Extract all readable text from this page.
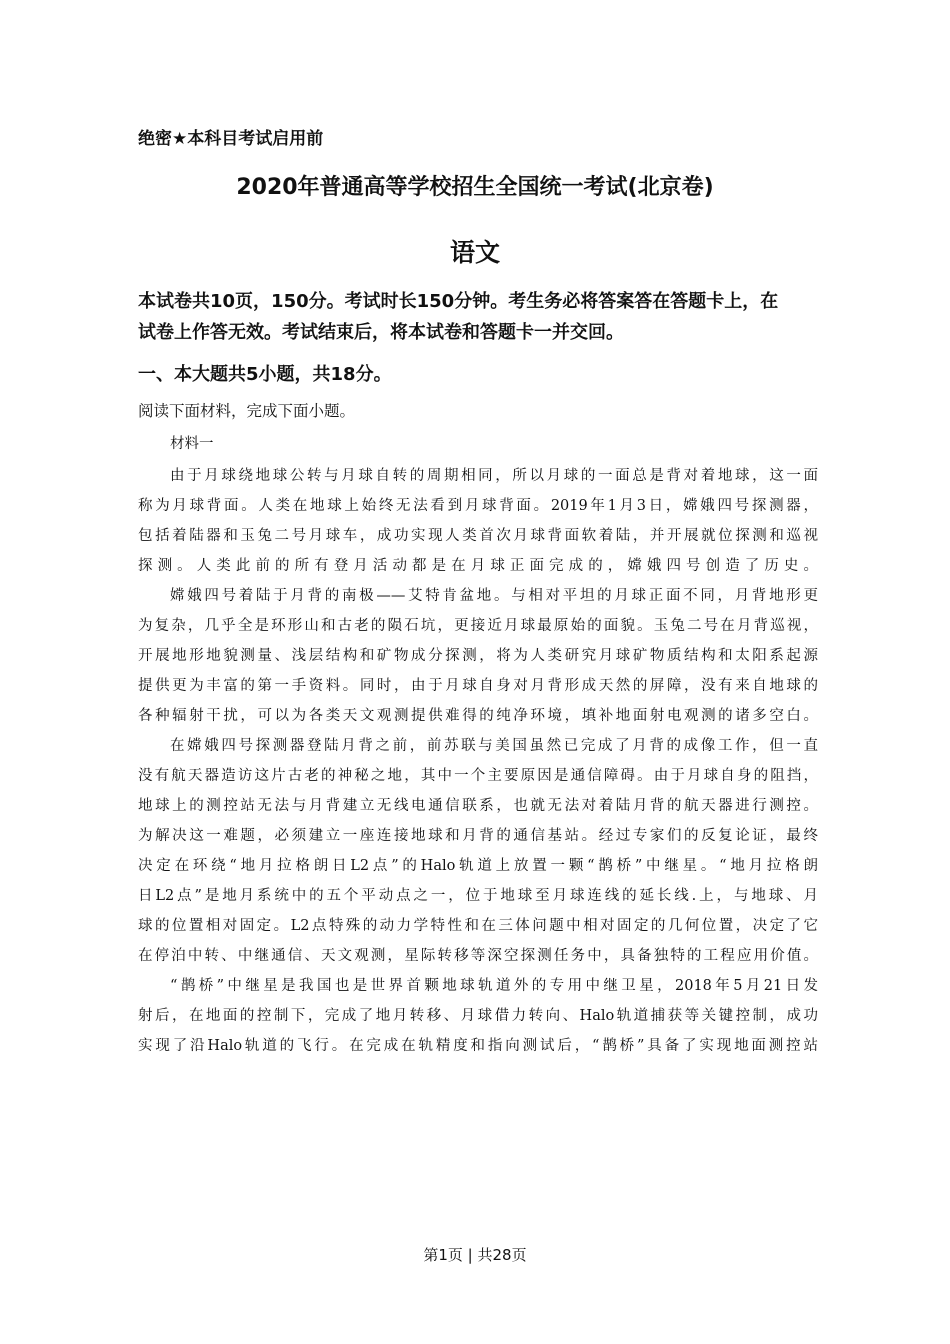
绝密★本科目考试启用前
2020年普通高等学校招生全国统一考试(北京卷)
语文

本试卷共10页，150分。考试时长150分钟。考生务必将答案答在答题卡上，在

试卷上作答无效。考试结束后，将本试卷和答题卡一并交回。

一、本大题共5小题，共18分。
阅读下面材料，完成下面小题。
材料一

由于月球绕地球公转与月球自转的周期相同，所以月球的一面总是背对着地球，这一面

称为月球背面。人类在地球上始终无法看到月球背面。2019年1月3日，嫦娥四号探测器，

包括着陆器和玉兔二号月球车，成功实现人类首次月球背面软着陆，并开展就位探测和巡视

探测。人类此前的所有登月活动都是在月球正面完成的，嫦娥四号创造了历史。

嫦娥四号着陆于月背的南极——艾特肯盆地。与相对平坦的月球正面不同，月背地形更

为复杂，几乎全是环形山和古老的陨石坑，更接近月球最原始的面貌。玉兔二号在月背巡视，

开展地形地貌测量、浅层结构和矿物成分探测，将为人类研究月球矿物质结构和太阳系起源

提供更为丰富的第一手资料。同时，由于月球自身对月背形成天然的屏障，没有来自地球的

各种辐射干扰，可以为各类天文观测提供难得的纯净环境，填补地面射电观测的诸多空白。

在嫦娥四号探测器登陆月背之前，前苏联与美国虽然已完成了月背的成像工作，但一直

没有航天器造访这片古老的神秘之地，其中一个主要原因是通信障碍。由于月球自身的阻挡，

地球上的测控站无法与月背建立无线电通信联系，也就无法对着陆月背的航天器进行测控。

为解决这一难题，必须建立一座连接地球和月背的通信基站。经过专家们的反复论证，最终

决定在环绕“地月拉格朗日L2点”的Halo轨道上放置一颗“鹊桥”中继星。“地月拉格朗

日L2点”是地月系统中的五个平动点之一，位于地球至月球连线的延长线.上，与地球、月

球的位置相对固定。L2点特殊的动力学特性和在三体问题中相对固定的几何位置，决定了它

在停泊中转、中继通信、天文观测，星际转移等深空探测任务中，具备独特的工程应用价值。

“鹊桥”中继星是我国也是世界首颗地球轨道外的专用中继卫星，2018年5月21日发

射后，在地面的控制下，完成了地月转移、月球借力转向、Halo轨道捕获等关键控制，成功

实现了沿Halo轨道的飞行。在完成在轨精度和指向测试后，“鹊桥”具备了实现地面测控站

第1页 | 共28页
